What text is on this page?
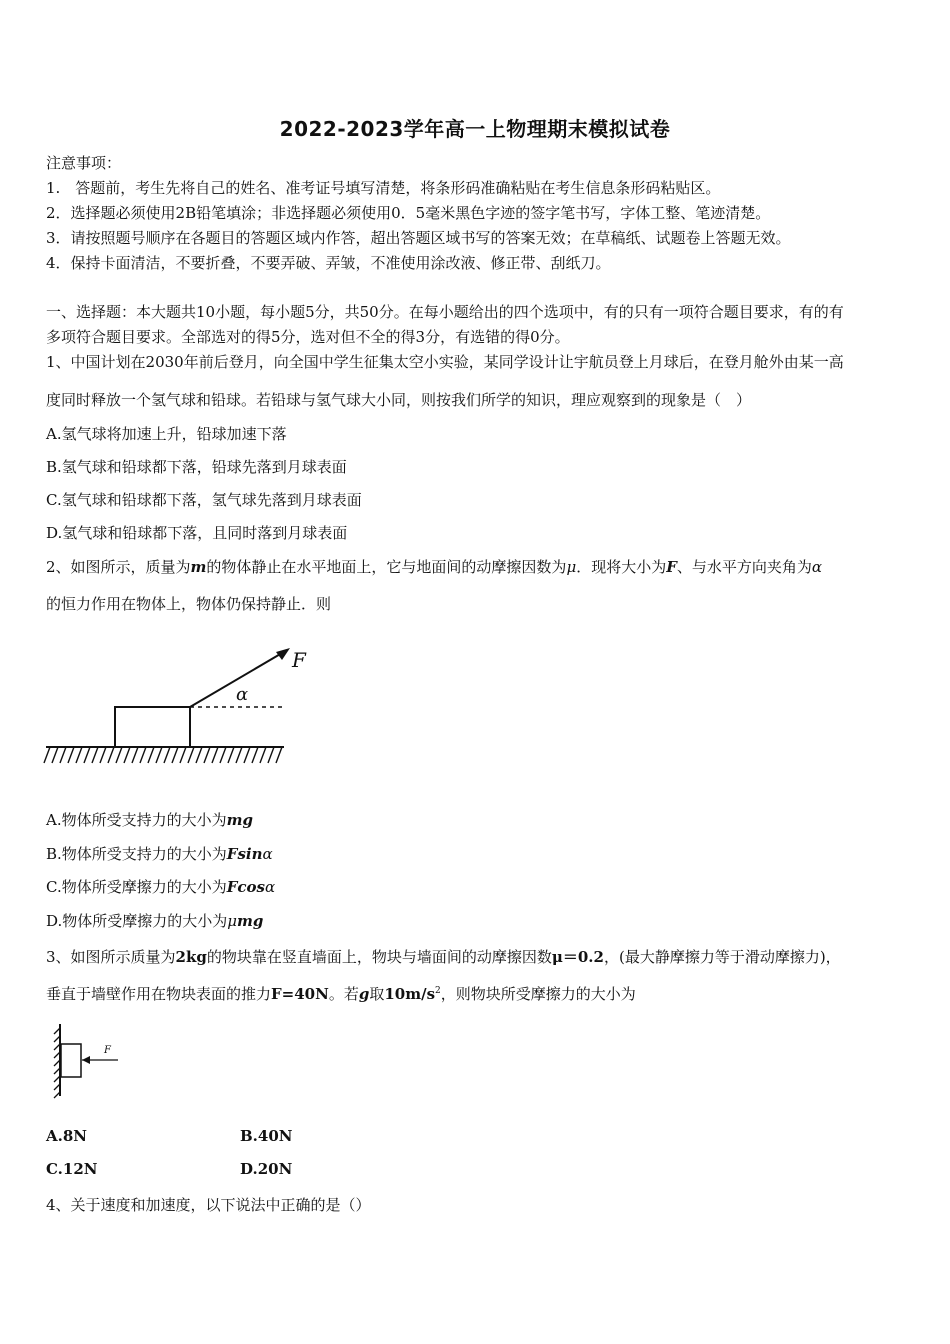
2022-2023学年高一上物理期末模拟试卷
注意事项：
1.　答题前，考生先将自己的姓名、准考证号填写清楚，将条形码准确粘贴在考生信息条形码粘贴区。
2．选择题必须使用2B铅笔填涂；非选择题必须使用0．5毫米黑色字迹的签字笔书写，字体工整、笔迹清楚。
3．请按照题号顺序在各题目的答题区域内作答，超出答题区域书写的答案无效；在草稿纸、试题卷上答题无效。
4．保持卡面清洁，不要折叠，不要弄破、弄皱，不准使用涂改液、修正带、刮纸刀。
一、选择题：本大题共10小题，每小题5分，共50分。在每小题给出的四个选项中，有的只有一项符合题目要求，有的有
多项符合题目要求。全部选对的得5分，选对但不全的得3分，有选错的得0分。
1、中国计划在2030年前后登月，向全国中学生征集太空小实验，某同学设计让宇航员登上月球后，在登月舱外由某一高
度同时释放一个氢气球和铅球。若铅球与氢气球大小同，则按我们所学的知识，理应观察到的现象是（　）
A.氢气球将加速上升，铅球加速下落
B.氢气球和铅球都下落，铅球先落到月球表面
C.氢气球和铅球都下落，氢气球先落到月球表面
D.氢气球和铅球都下落，且同时落到月球表面
2、如图所示，质量为m的物体静止在水平地面上，它与地面间的动摩擦因数为μ．现将大小为F、与水平方向夹角为α
的恒力作用在物体上，物体仍保持静止．则
F
α
A.物体所受支持力的大小为mg
B.物体所受支持力的大小为Fsinα
C.物体所受摩擦力的大小为Fcosα
D.物体所受摩擦力的大小为μmg
3、如图所示质量为2kg的物块靠在竖直墙面上，物块与墙面间的动摩擦因数μ＝0.2，(最大静摩擦力等于滑动摩擦力)，
垂直于墙壁作用在物块表面的推力F=40N。若g取$10m/s^2$，则物块所受摩擦力的大小为
F
A.8N	B.40N
C.12N	D.20N
4、关于速度和加速度，以下说法中正确的是（）
